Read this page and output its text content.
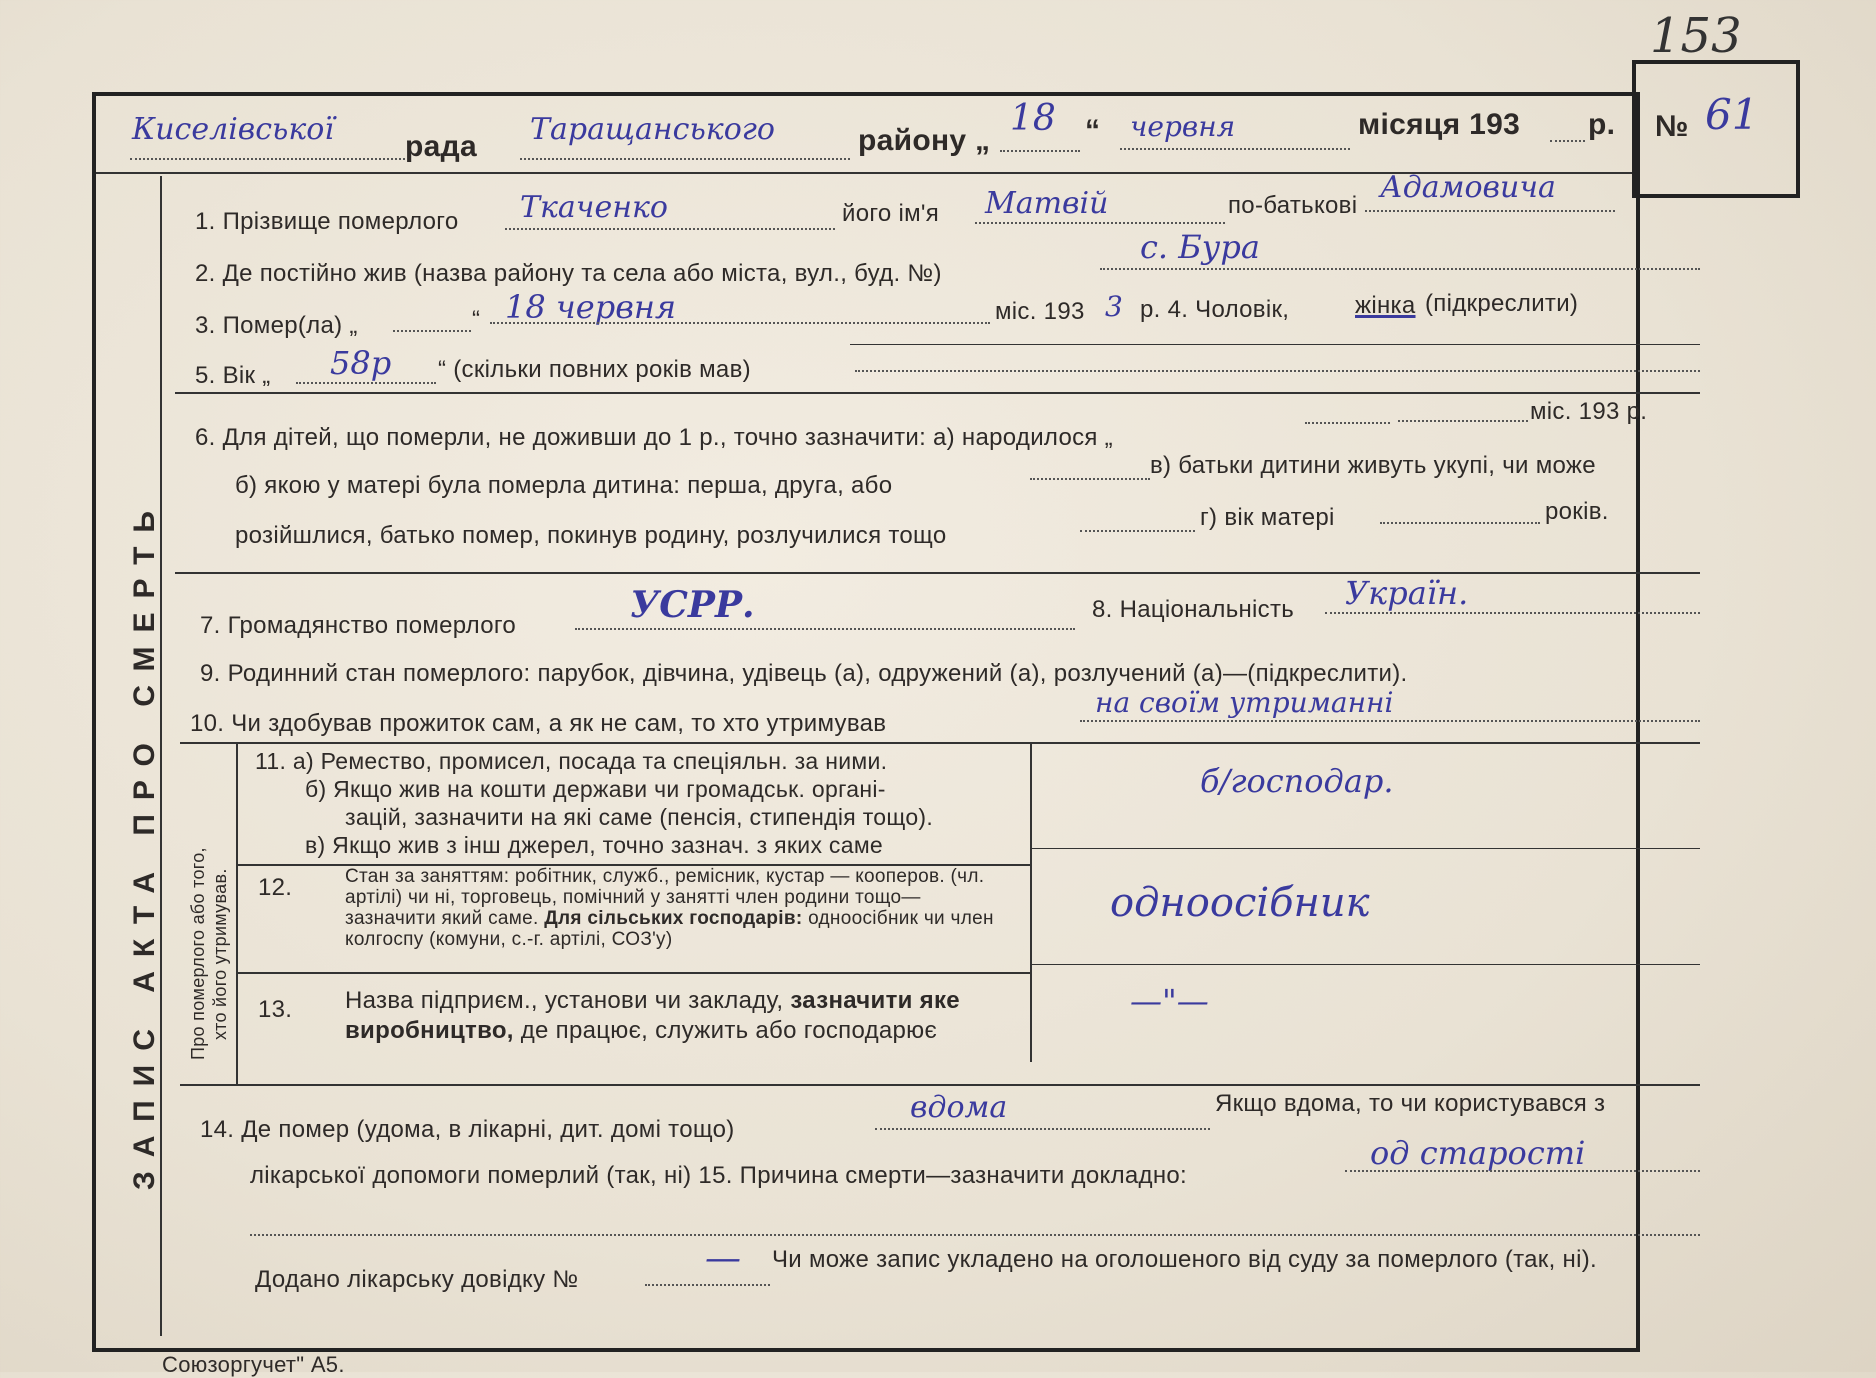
153
№ 61
Киселівської рада Таращанського	району „
18 “ червня	місяця 193 р.
ЗАПИС АКТА ПРО СМЕРТЬ
1. Прізвище померлого Ткаченко	його ім'я Матвій	по-батькові
Адамовича
2. Де постійно жив (назва району та села або міста, вул., буд. №)
с. Бура
3. Помер(ла) „	“ 18 червня	міс. 193 3 р. 4. Чоловік,	жінка (підкреслити)
5. Вік „ 58р “ (скільки повних років мав)
6. Для дітей, що померли, не доживши до 1 р., точно зазначити: а) народилося „
міс. 193 р.
б) якою у матері була померла дитина: перша, друга, або
в) батьки дитини живуть укупі, чи може
розійшлися, батько помер, покинув родину, розлучилися тощо
г) вік матері	років.
7. Громадянство померлого	УСРР.	8. Національність Україн.
9. Родинний стан померлого: парубок, дівчина, удівець (а), одружений (а), розлучений (а)—(підкреслити).
10. Чи здобував прожиток сам, а як не сам, то хто утримував
на своїм утриманні
Про померлого або того, хто його утримував.
11. а) Ремество, промисел, посада та спеціяльн. за ними.
б) Якщо жив на кошти держави чи громадськ. органі-
зацій, зазначити на які саме (пенсія, стипендія тощо).
в) Якщо жив з інш джерел, точно зазнач. з яких саме
б/господар.
12.	Стан за заняттям: робітник, служб., ремісник, кустар — кооперов. (чл. артілі) чи ні, торговець, помічний у занятті член родини тощо—зазначити який саме. Для сільських господарів: одноосібник чи член колгоспу (комуни, с.-г. артілі, СОЗ'у)
одноосібник
13. Назва підприєм., установи чи закладу, зазначити яке виробництво, де працює, служить або господарює
—"—
14. Де помер (удома, в лікарні, дит. домі тощо)
вдома	Якщо вдома, то чи користувався з
лікарської допомоги померлий (так, ні) 15. Причина смерти—зазначити докладно:
од старості
Додано лікарську довідку №
— Чи може запис укладено на оголошеного від суду за померлого (так, ні).
Союзоргучет" А5.
